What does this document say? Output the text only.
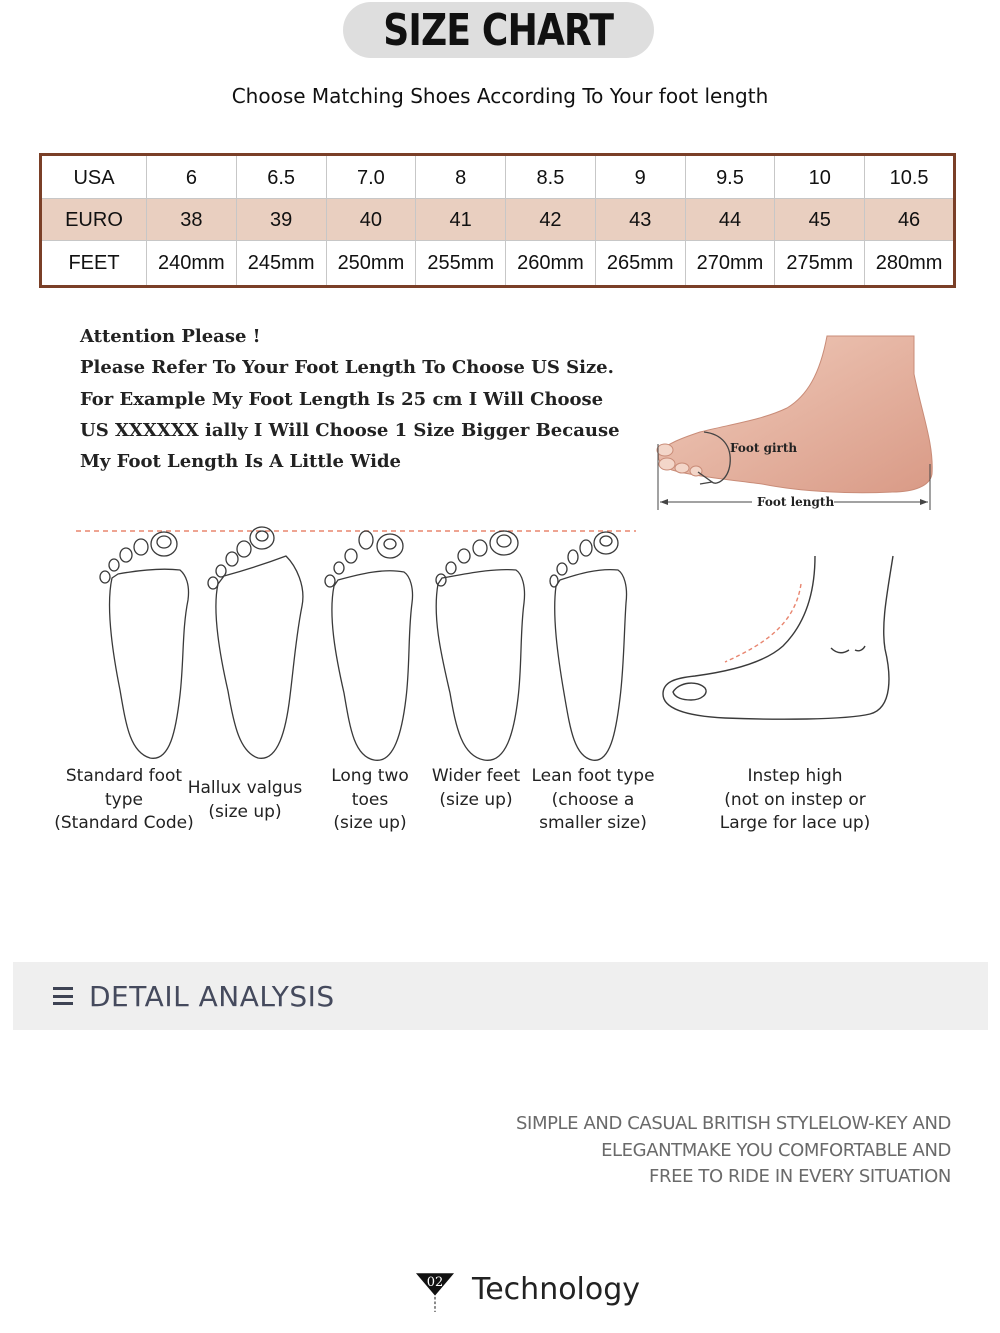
SIZE CHART
Choose Matching Shoes According To Your foot length
USA	6	6.5	7.0	8	8.5	9	9.5	10	10.5
EURO	38	39	40	41	42	43	44	45	46
FEET	240mm	245mm	250mm	255mm	260mm	265mm	270mm	275mm	280mm
Attention Please !
Please Refer To Your Foot Length To Choose US Size.
For Example My Foot Length Is 25 cm I Will Choose
US XXXXXX ially I Will Choose 1 Size Bigger Because
My Foot Length Is A Little Wide
Foot girth
Foot length
Standard foot
type
(Standard Code)
Hallux valgus
(size up)
Long two
toes
(size up)
Wider feet
(size up)
Lean foot type
(choose a
smaller size)
Instep high
(not on instep or
Large for lace up)
DETAIL ANALYSIS
SIMPLE AND CASUAL BRITISH STYLELOW-KEY AND
ELEGANTMAKE YOU COMFORTABLE AND
FREE TO RIDE IN EVERY SITUATION
02 Technology
